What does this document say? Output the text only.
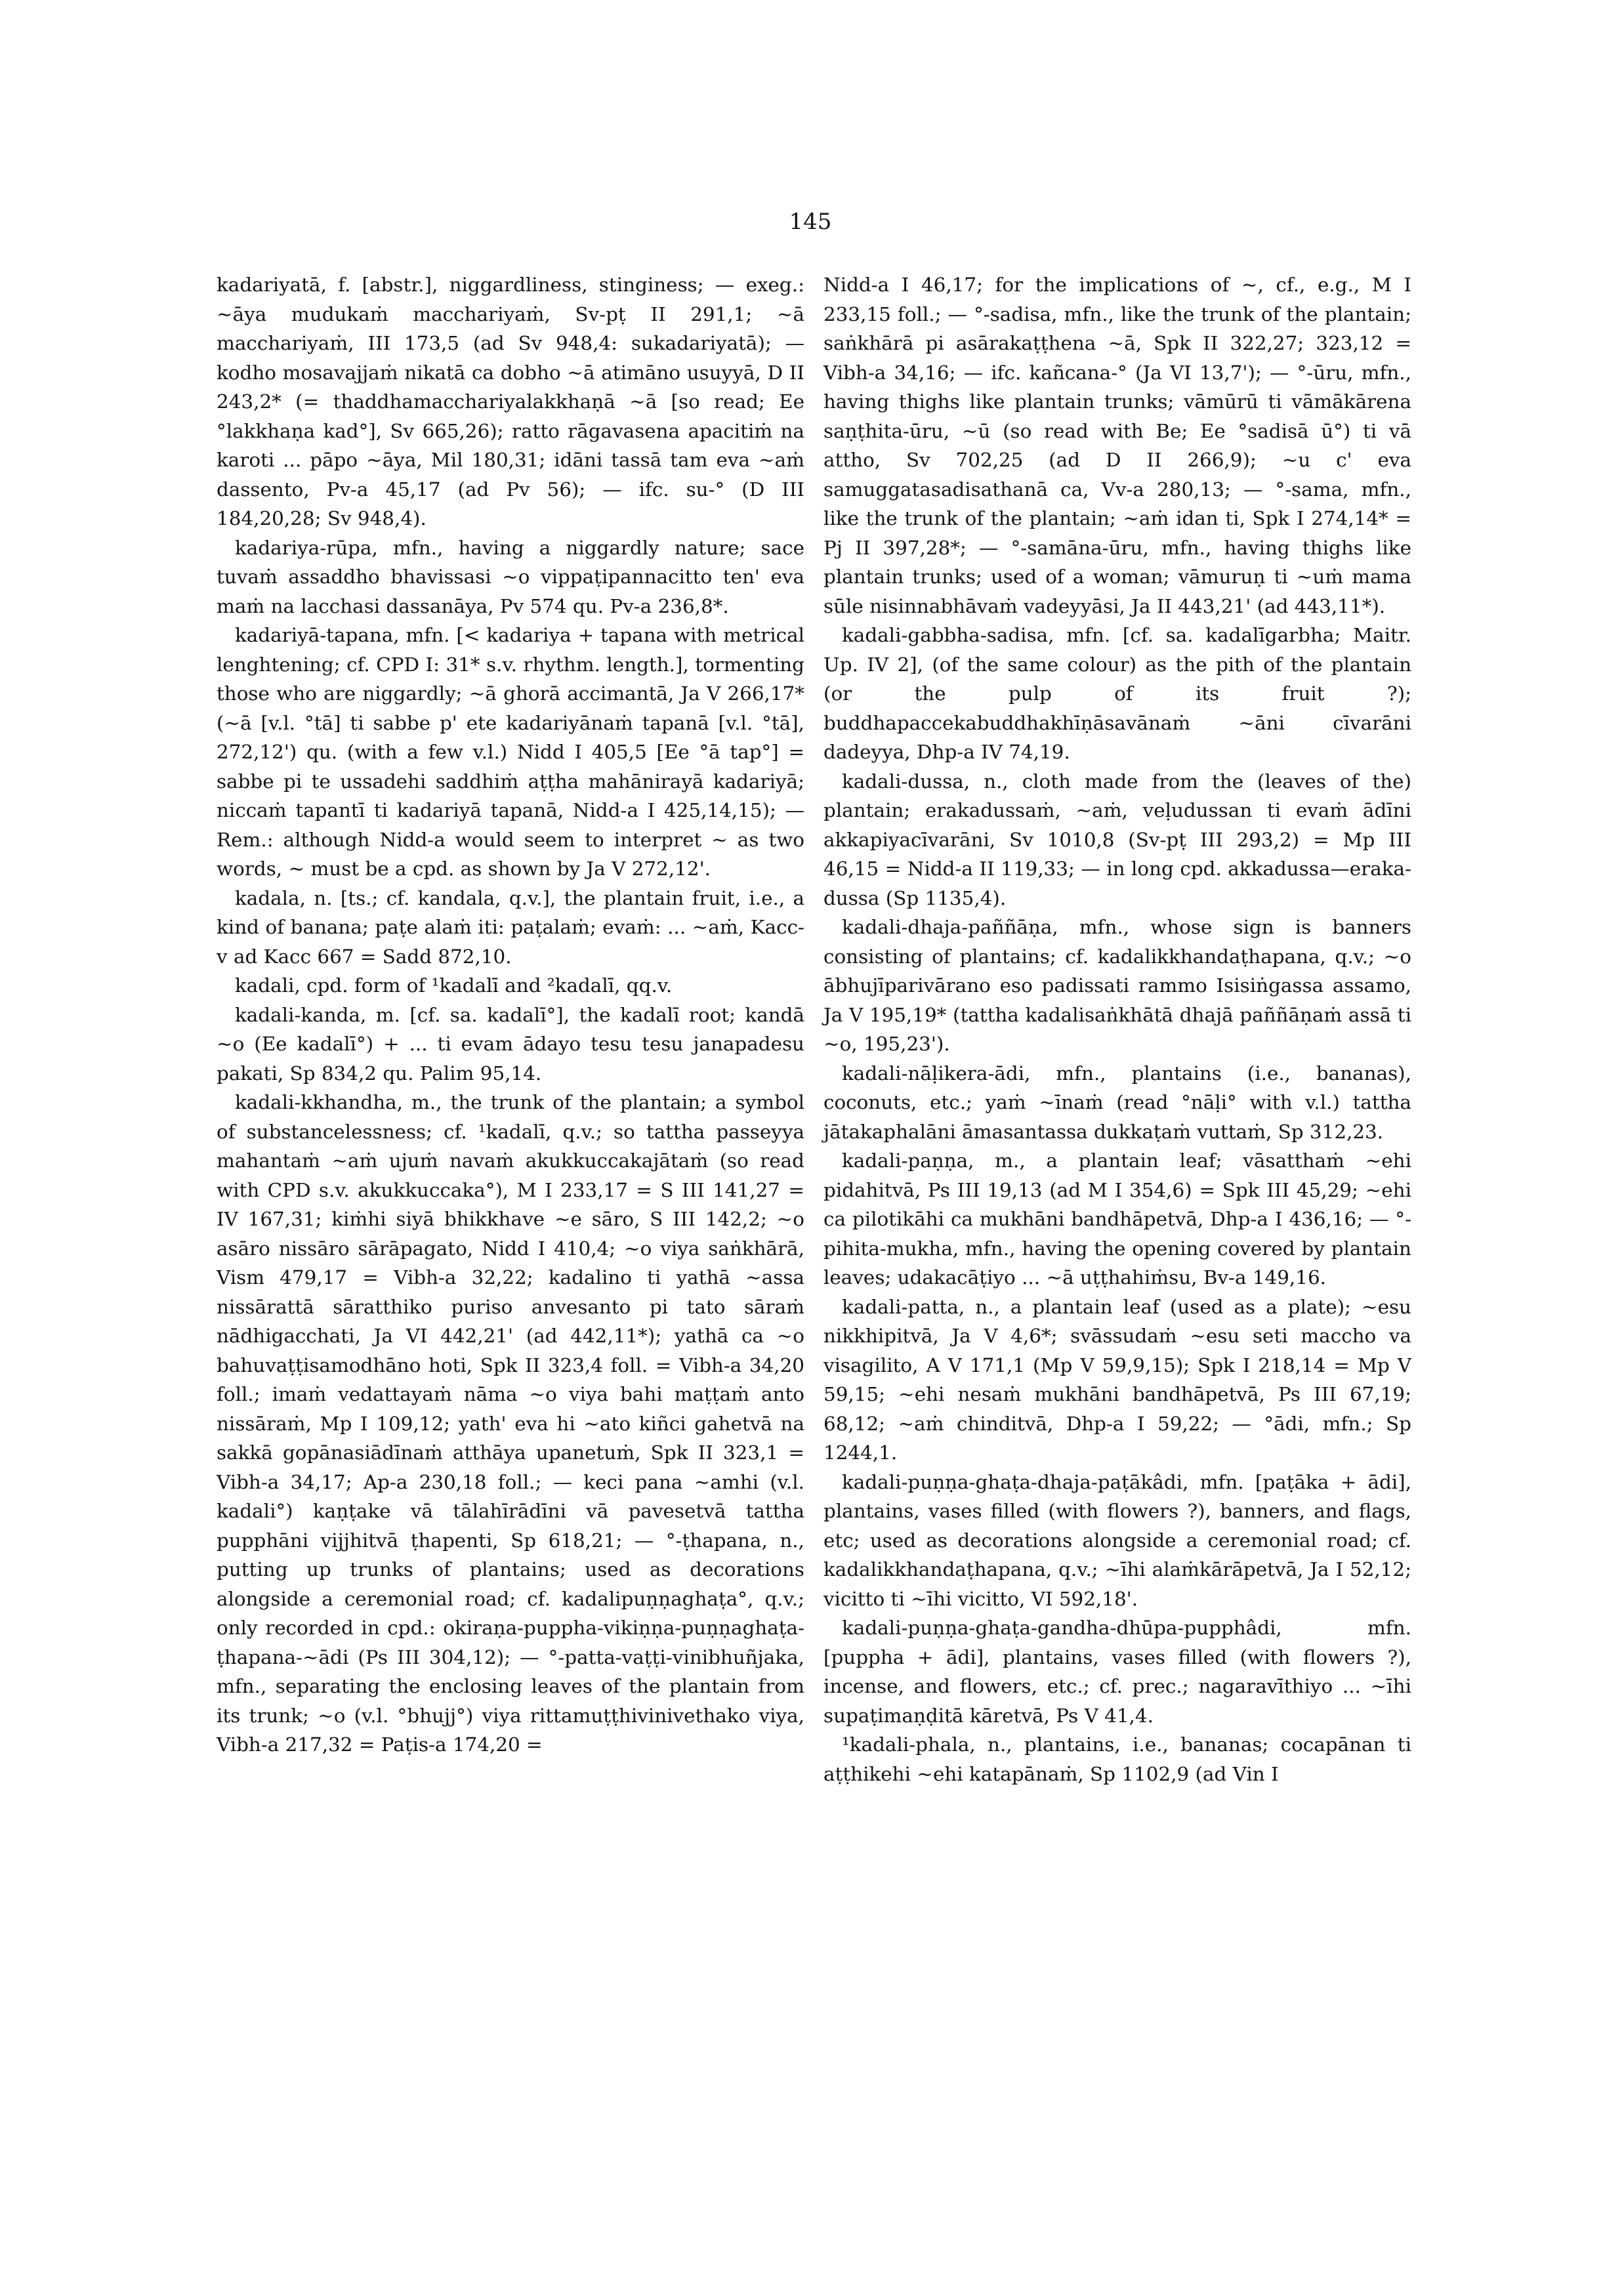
145

kadariyatā, f. [abstr.], niggardliness, stinginess; — exeg.: ~āya mudukaṁ macchariyaṁ, Sv-pṭ II 291,1; ~ā macchariyaṁ, III 173,5 (ad Sv 948,4: sukadariyatā); — kodho mosavajjaṁ nikatā ca dobho ~ā atimāno usuyyā, D II 243,2* (= thaddhamacchariyalakkhaṇā ~ā [so read; Ee °lakkhaṇa kad°], Sv 665,26); ratto rāgavasena apacitiṁ na karoti ... pāpo ~āya, Mil 180,31; idāni tassā tam eva ~aṁ dassento, Pv-a 45,17 (ad Pv 56); — ifc. su-° (D III 184,20,28; Sv 948,4).

kadariya-rūpa, mfn., having a niggardly nature; sace tuvaṁ assaddho bhavissasi ~o vippaṭipannacitto ten' eva maṁ na lacchasi dassanāya, Pv 574 qu. Pv-a 236,8*.

kadariyā-tapana, mfn. [< kadariya + tapana with metrical lenghtening; cf. CPD I: 31* s.v. rhythm. length.], tormenting those who are niggardly; ~ā ghorā accimantā, Ja V 266,17* (~ā [v.l. °tā] ti sabbe p' ete kadariyānaṁ tapanā [v.l. °tā], 272,12') qu. (with a few v.l.) Nidd I 405,5 [Ee °ā tap°] = sabbe pi te ussadehi saddhiṁ aṭṭha mahānirayā kadariyā; niccaṁ tapantī ti kadariyā tapanā, Nidd-a I 425,14,15); — Rem.: although Nidd-a would seem to interpret ~ as two words, ~ must be a cpd. as shown by Ja V 272,12'.

kadala, n. [ts.; cf. kandala, q.v.], the plantain fruit, i.e., a kind of banana; paṭe alaṁ iti: paṭalaṁ; evaṁ: ... ~aṁ, Kacc-v ad Kacc 667 = Sadd 872,10.

kadali, cpd. form of ¹kadalī and ²kadalī, qq.v.

kadali-kanda, m. [cf. sa. kadalī°], the kadalī root; kandā ~o (Ee kadalī°) + ... ti evam ādayo tesu tesu janapadesu pakati, Sp 834,2 qu. Palim 95,14.

kadali-kkhandha, m., the trunk of the plantain; a symbol of substancelessness; cf. ¹kadalī, q.v.; so tattha passeyya mahantaṁ ~aṁ ujuṁ navaṁ akukkuccakajātaṁ (so read with CPD s.v. akukkuccaka°), M I 233,17 = S III 141,27 = IV 167,31; kiṁhi siyā bhikkhave ~e sāro, S III 142,2; ~o asāro nissāro sārāpagato, Nidd I 410,4; ~o viya saṅkhārā, Vism 479,17 = Vibh-a 32,22; kadalino ti yathā ~assa nissārattā sāratthiko puriso anvesanto pi tato sāraṁ nādhigacchati, Ja VI 442,21' (ad 442,11*); yathā ca ~o bahuvaṭṭisamodhāno hoti, Spk II 323,4 foll. = Vibh-a 34,20 foll.; imaṁ vedattayaṁ nāma ~o viya bahi maṭṭaṁ anto nissāraṁ, Mp I 109,12; yath' eva hi ~ato kiñci gahetvā na sakkā gopānasiādīnaṁ atthāya upanetuṁ, Spk II 323,1 = Vibh-a 34,17; Ap-a 230,18 foll.; — keci pana ~amhi (v.l. kadali°) kaṇṭake vā tālahīrādīni vā pavesetvā tattha pupphāni vijjhitvā ṭhapenti, Sp 618,21; — °-ṭhapana, n., putting up trunks of plantains; used as decorations alongside a ceremonial road; cf. kadalipuṇṇaghaṭa°, q.v.; only recorded in cpd.: okiraṇa-puppha-vikiṇṇa-puṇṇaghaṭa-ṭhapana-~ādi (Ps III 304,12); — °-patta-vaṭṭi-vinibhuñjaka, mfn., separating the enclosing leaves of the plantain from its trunk; ~o (v.l. °bhujj°) viya rittamuṭṭhivinivethako viya, Vibh-a 217,32 = Paṭis-a 174,20 =

Nidd-a I 46,17; for the implications of ~, cf., e.g., M I 233,15 foll.; — °-sadisa, mfn., like the trunk of the plantain; saṅkhārā pi asārakaṭṭhena ~ā, Spk II 322,27; 323,12 = Vibh-a 34,16; — ifc. kañcana-° (Ja VI 13,7'); — °-ūru, mfn., having thighs like plantain trunks; vāmūrū ti vāmākārena saṇṭhita-ūru, ~ū (so read with Be; Ee °sadisā ū°) ti vā attho, Sv 702,25 (ad D II 266,9); ~u c' eva samuggatasadisathanā ca, Vv-a 280,13; — °-sama, mfn., like the trunk of the plantain; ~aṁ idan ti, Spk I 274,14* = Pj II 397,28*; — °-samāna-ūru, mfn., having thighs like plantain trunks; used of a woman; vāmuruṇ ti ~uṁ mama sūle nisinnabhāvaṁ vadeyyāsi, Ja II 443,21' (ad 443,11*).

kadali-gabbha-sadisa, mfn. [cf. sa. kadalīgarbha; Maitr. Up. IV 2], (of the same colour) as the pith of the plantain (or the pulp of its fruit ?); buddhapaccekabuddhakhīṇāsavānaṁ ~āni cīvarāni dadeyya, Dhp-a IV 74,19.

kadali-dussa, n., cloth made from the (leaves of the) plantain; erakadussaṁ, ~aṁ, veḷudussan ti evaṁ ādīni akkapiyacīvarāni, Sv 1010,8 (Sv-pṭ III 293,2) = Mp III 46,15 = Nidd-a II 119,33; — in long cpd. akkadussa—eraka-dussa (Sp 1135,4).

kadali-dhaja-paññāṇa, mfn., whose sign is banners consisting of plantains; cf. kadalikkhandaṭhapana, q.v.; ~o ābhujīparivārano eso padissati rammo Isisiṅgassa assamo, Ja V 195,19* (tattha kadalisaṅkhātā dhajā paññāṇaṁ assā ti ~o, 195,23').

kadali-nāḷikera-ādi, mfn., plantains (i.e., bananas), coconuts, etc.; yaṁ ~īnaṁ (read °nāḷi° with v.l.) tattha jātakaphalāni āmasantassa dukkaṭaṁ vuttaṁ, Sp 312,23.

kadali-paṇṇa, m., a plantain leaf; vāsatthaṁ ~ehi pidahitvā, Ps III 19,13 (ad M I 354,6) = Spk III 45,29; ~ehi ca pilotikāhi ca mukhāni bandhāpetvā, Dhp-a I 436,16; — °-pihita-mukha, mfn., having the opening covered by plantain leaves; udakacāṭiyo ... ~ā uṭṭhahiṁsu, Bv-a 149,16.

kadali-patta, n., a plantain leaf (used as a plate); ~esu nikkhipitvā, Ja V 4,6*; svāssudaṁ ~esu seti maccho va visagilito, A V 171,1 (Mp V 59,9,15); Spk I 218,14 = Mp V 59,15; ~ehi nesaṁ mukhāni bandhāpetvā, Ps III 67,19; 68,12; ~aṁ chinditvā, Dhp-a I 59,22; — °ādi, mfn.; Sp 1244,1.

kadali-puṇṇa-ghaṭa-dhaja-paṭākâdi, mfn. [paṭāka + ādi], plantains, vases filled (with flowers ?), banners, and flags, etc; used as decorations alongside a ceremonial road; cf. kadalikkhandaṭhapana, q.v.; ~īhi alaṁkārāpetvā, Ja I 52,12; vicitto ti ~īhi vicitto, VI 592,18'.

kadali-puṇṇa-ghaṭa-gandha-dhūpa-pupphâdi, mfn. [puppha + ādi], plantains, vases filled (with flowers ?), incense, and flowers, etc.; cf. prec.; nagaravīthiyo ... ~īhi supaṭimaṇḍitā kāretvā, Ps V 41,4.

¹kadali-phala, n., plantains, i.e., bananas; cocapānan ti aṭṭhikehi ~ehi katapānaṁ, Sp 1102,9 (ad Vin I
